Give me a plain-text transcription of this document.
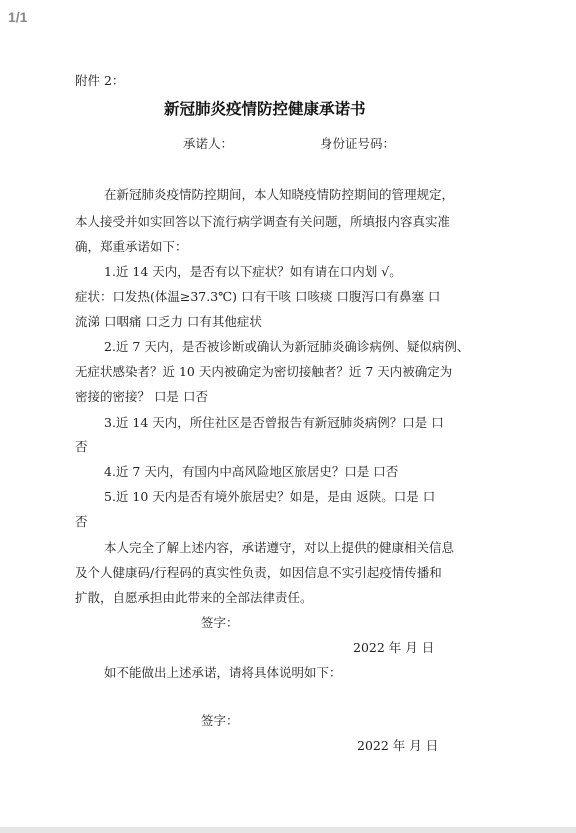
1/1
附件 2：
新冠肺炎疫情防控健康承诺书
承诺人：	身份证号码：
在新冠肺炎疫情防控期间，本人知晓疫情防控期间的管理规定，
本人接受并如实回答以下流行病学调查有关问题，所填报内容真实准
确，郑重承诺如下：
1.近 14 天内，是否有以下症状？如有请在口内划 √。
症状：口发热(体温≥37.3℃) 口有干咳 口咳痰 口腹泻口有鼻塞 口
流涕 口咽痛 口乏力 口有其他症状
2.近 7 天内，是否被诊断或确认为新冠肺炎确诊病例、疑似病例、
无症状感染者？近 10 天内被确定为密切接触者？近 7 天内被确定为
密接的密接？ 口是 口否
3.近 14 天内，所住社区是否曾报告有新冠肺炎病例？口是 口
否
4.近 7 天内，有国内中高风险地区旅居史？口是 口否
5.近 10 天内是否有境外旅居史？如是，是由 返陕。口是 口
否
本人完全了解上述内容，承诺遵守，对以上提供的健康相关信息
及个人健康码/行程码的真实性负责，如因信息不实引起疫情传播和
扩散，自愿承担由此带来的全部法律责任。
签字：
2022 年 月 日
如不能做出上述承诺，请将具体说明如下：
签字：
2022 年 月 日
